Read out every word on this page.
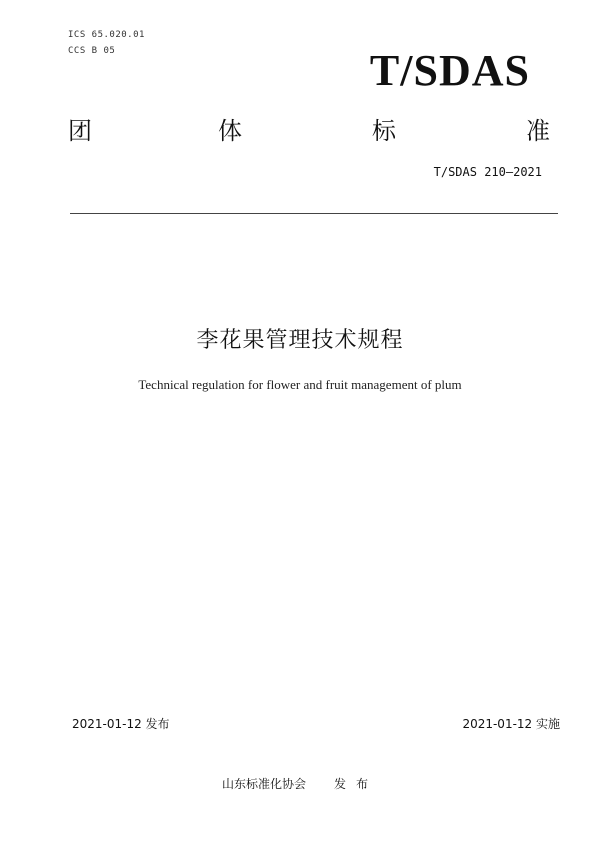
ICS 65.020.01
CCS B 05	T/SDAS
团	体	标	准
T/SDAS 210—2021
李花果管理技术规程
Technical regulation for flower and fruit management of plum
2021-01-12 发布	2021-01-12 实施
山东标准化协会 发布
